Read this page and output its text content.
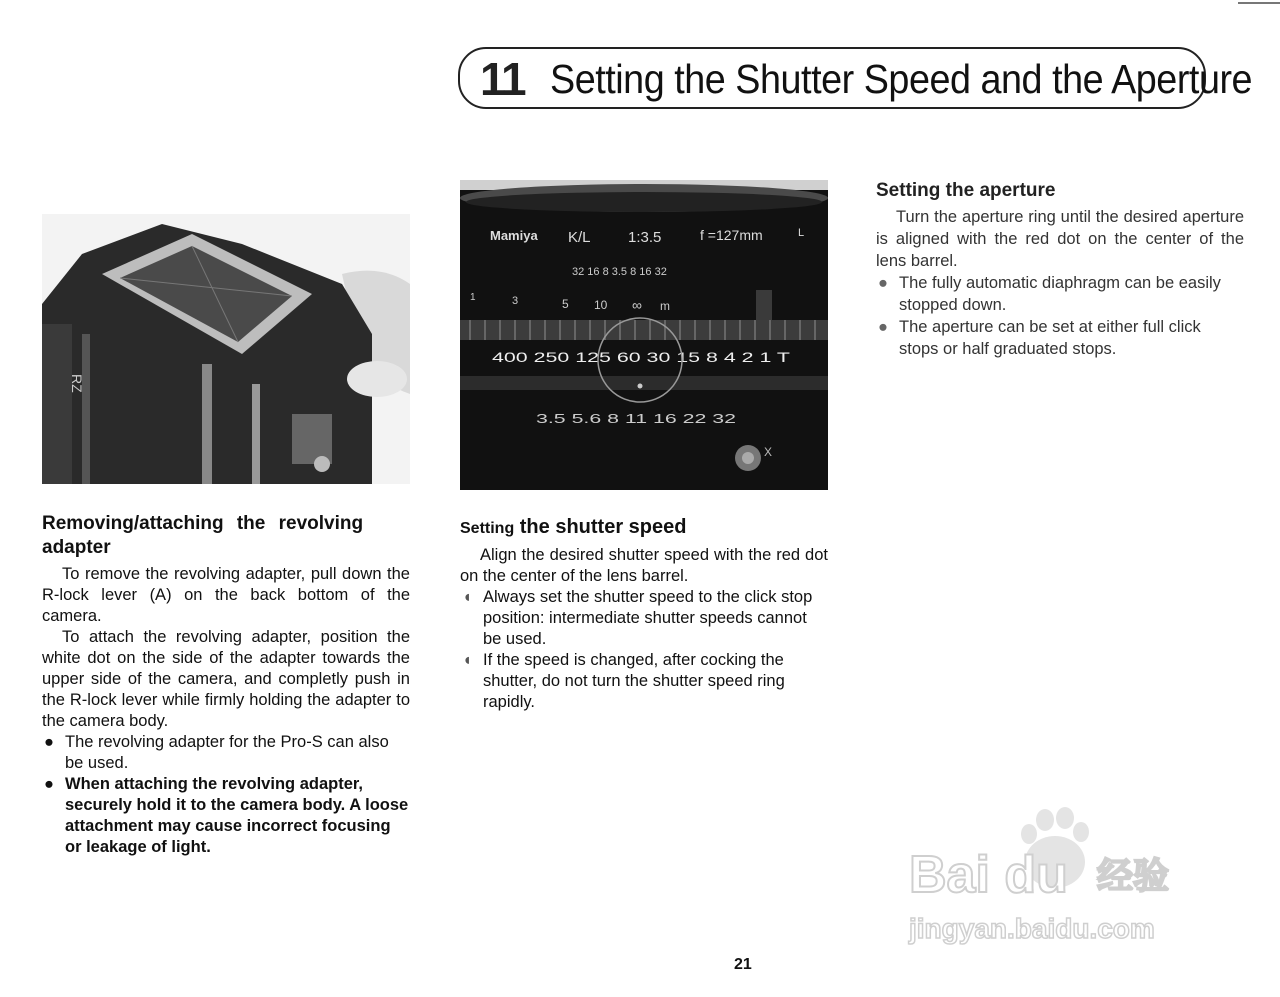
11 Setting the Shutter Speed and the Aperture
RZ
Mamiya K/L 1:3.5	f =127mm	L
32 16 8 3.5 8 16 32
1	3	5 10 ∞ m
400 250 125 60 30 15 8 4 2 1 T
3.5 5.6 8 11 16 22 32
X
Removing/attaching the revolving adapter

To remove the revolving adapter, pull down the R-lock lever (A) on the back bottom of the camera.

To attach the revolving adapter, position the white dot on the side of the adapter towards the upper side of the camera, and completly push in the R-lock lever while firmly holding the adapter to the camera body.

● The revolving adapter for the Pro-S can also be used.
● When attaching the revolving adapter, securely hold it to the camera body. A loose attachment may cause incorrect focusing or leakage of light.
Setting the shutter speed

Align the desired shutter speed with the red dot on the center of the lens barrel.

◖ Always set the shutter speed to the click stop position: intermediate shutter speeds cannot be used.
◖ If the speed is changed, after cocking the shutter, do not turn the shutter speed ring rapidly.
Setting the aperture

Turn the aperture ring until the desired aperture is aligned with the red dot on the center of the lens barrel.

● The fully automatic diaphragm can be easily stopped down.
● The aperture can be set at either full click stops or half graduated stops.
Bai du 经验
jingyan.baidu.com
21
